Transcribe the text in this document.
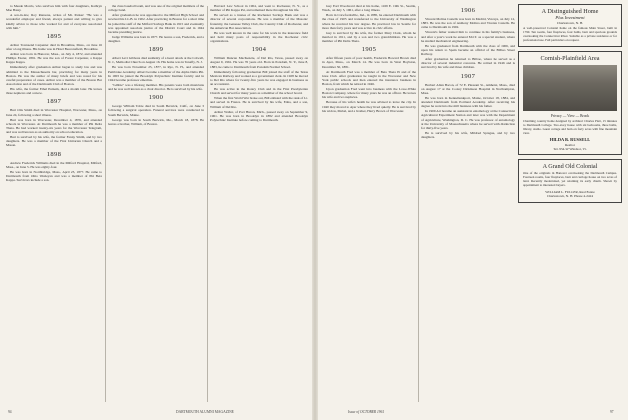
to Meade Morris, who survives him with four daughters, Kathryn Mae Batey.

A son-in-law, Roy Ransone, writes of Mr. Parker: "He was a wonderful employer and friend, always patient and willing to give kindly advice to those who worked for and of everyone associated with him."

1895

Arthur Townsend Carpenter died in Brookline, Mass., on June 16 after a long illness. His home was in Hotel Beaconsfield, Brookline.

Arthur was born in Hanover, Mass., on July 4, 1872, and attended Phillips Exeter, 1891. He was the son of Forest Carpenter, a Kappa Kappa Kappa.

Immediately after graduation Arthur began to study law and was admitted to the Massachusetts bar, practicing for many years in Boston. He was the author of many briefs and was noted for his careful preparation of cases. Arthur was a member of the Boston Bar Association and of the Dartmouth Club of Boston.

His wife, the former Ethel Putnam, died a month later. He leaves three nephews and a niece.

1897

Burt Otis Smith died in Worcester Hospital, Worcester, Mass., on June 24, following a short illness.

Burt was born in Worcester, December 4, 1876, and attended schools in Worcester. At Dartmouth he was a member of Phi Delta Theta. He had worked twenty-six years for the Worcester Telegram, and was well known as an authority on school education.

Burt is survived by his wife, the former Fanny Smith, and by two daughters. He was a member of the First Unitarian Church and a Mason.

1898

Andrew Frederick Williams died in the Milford Hospital, Milford, Mass., on June 5. He was eighty-four.

He was born in Northbridge, Mass., April 23, 1877. He came to Dartmouth from Ohio Wesleyan and was a member of Phi Beta Kappa. Survivors include a son.

the class baseball team, and was one of the original members of the college band.

After graduation he was appointed to the Milford High School and received his LL.B. in 1902. After practicing in Boston for a short time he joined the staff of the Milford Savings Bank in 1915 and eventually was appointed associate justice of the District Court and in 1944 became presiding justice.

Judge Williams was born in 1877. He leaves a son, Frederick, and a daughter.

1899

Albert Levi Gibbons died suddenly of a heart attack at the Colwell, N. J., Methodist Church on August 16. His home was in Tenafly, N. J.

He was born November 25, 1877, in Rye, N. H., and attended Pembroke Academy. Albert became a member of the Alpha Delta Phi. In 1903 he joined the Brooklyn Polytechnic Institute faculty and in 1944 became professor emeritus.

"Gibbie" was a lifelong member. His parents were both musicians and he was well known as a choir director. He is survived by his wife.

1900

George William Tobie died in South Berwick, Calif., on June 3 following a surgical operation. Funeral services were conducted in South Berwick, Maine.

George was born in South Berwick, Me., March 18, 1878. He leaves a brother, William, of Boston.

Harvard Law School in 1904, and went to Rochester, N. Y., as a member of Phi Kappa Psi, and remained there throughout his life.

He served as a trustee of the Rochester Savings Bank and was a director of several corporations. He was a member of the Masonic fraternity, the Genesee Valley Club, the Country Club of Rochester, and the American Bar Association.

He was well known in the state for his work in the insurance field and held many posts of responsibility in the Rochester civic organizations.

1904

William Duncan MacKenzie, of Del Rio, Texas, passed away on August 9, 1961. He was 76 years old. Born in Potsdam, N. Y., June 8, 1883, he came to Dartmouth from Potsdam Normal School.

Immediately following graduation Bill joined the staff of the Texas Mexican Railway and worked as a government clerk. In 1928 he moved to Del Rio where for twenty-five years he was engaged in business as an accountant.

He was active in the Rotary Club and in the First Presbyterian Church and served for many years as a member of the school board.

When the first World War broke out, Bill enlisted with the rank of Lt. and served in France. He is survived by his wife, Edna, and a son, William of Del Rio.

Arthur Waller, of Port Huron, Mich., passed away on September 9, 1961. He was born in Brooklyn in 1882 and attended Brooklyn Polytechnic Institute before coming to Dartmouth.

Guy Earl Woodward died at his home, 1169 E. 19th St., Seattle, Wash., on July 5, 1961, after a long illness.

Born in Crawfordsville, Ind., in 1885, he entered Dartmouth with the class of 1905 and transferred to the University of Washington where he received his law degree. He practiced law in Seattle for more than forty years and was active in civic affairs.

Guy is survived by his wife, the former Mary Clark, whom he married in 1911, and by a son and two grandchildren. He was a member of Phi Delta Theta.

1905

After fifteen years of poor health, Frederick Howard Brown died in Ayer, Mass., on March 14. He was born in West Boylston, December 30, 1881.

At Dartmouth Fred was a member of Beta Theta Pi and of the Glee Club. After graduation he taught in the Worcester and New York public schools and then entered the insurance business in Boston, from which he retired in 1946.

Upon graduation Fred went into business with the Lowe-White Boston Company, where for many years he was an officer. He leaves his wife and two nephews.

Because of his wife's health he was advised to leave the city. In 1940 they moved to Ayer where they lived quietly. He is survived by his widow, Mabel, and a brother, Harry Brown of Worcester.

1906

Vincent Molina Castells was born in Madrid, Vizcaya, on July 12, 1883. He was the son of Anthony Molina and Vicenta Castells. He came to Dartmouth in 1902.

Vincent's father wanted him to continue in his family's business, and after a year's work he entered M.I.T. as a special student, where he studied mechanical engineering.

He was graduated from Dartmouth with the class of 1906, and upon his return to Spain became an official of the Bilbao Street Railway.

After graduation he returned to Bilbao, where he served as a director of several industrial concerns. He retired in 1946 and is survived by his wife and three children.

1907

Herbert Allen Bacon, of 72 E. Pleasant St., Amherst, Mass., died on August 17 at the Cooley Dickinson Hospital in Northampton, Mass.

He was born in Kennebunkport, Maine, October 18, 1884, and attended Dartmouth from Portland Academy. After receiving his degree he went into the mill business with his father.

In 1909 Art became an assistant in entomology at the Connecticut Agricultural Experiment Station and later was with the Department of Agriculture, Washington, D. C. He was professor of entomology at the University of Massachusetts where he served with distinction for thirty-five years.

He is survived by his wife, Mildred Sprague, and by two daughters.

A Distinguished Home
Plus Investment
Charlestown, N. H.
A well-preserved Colonial home on the famous Main Street, built in 1790. Ten rooms, four fireplaces, four baths, barn and spacious grounds overlooking the Connecticut River. Suitable as a private residence or for professional use. Full particulars on request.
Cornish-Plainfield Area
Privacy — View — Brook
Charming country home designed by architect Charles Platt, 15 minutes to Dartmouth College. Two-story house with six bedrooms, three baths, library, studio. Guest cottage and barn on forty acres with fine mountain view.
HILDA B. RUSSELL
Realtor
Tel. 954-W Windsor, Vt.
A Grand Old Colonial
One of the originals in Hanover overlooking the Dartmouth Campus. Fourteen rooms, four fireplaces, barn and carriage house on two acres of land. Recently modernized, yet retaining its early charm. Shown by appointment to interested buyers.
WILLIAM L. FULLER, Real Estate
Charlestown, N. H. Phone 4-2424
94	DARTMOUTH ALUMNI MAGAZINE	Issue of OCTOBER 1961	97
